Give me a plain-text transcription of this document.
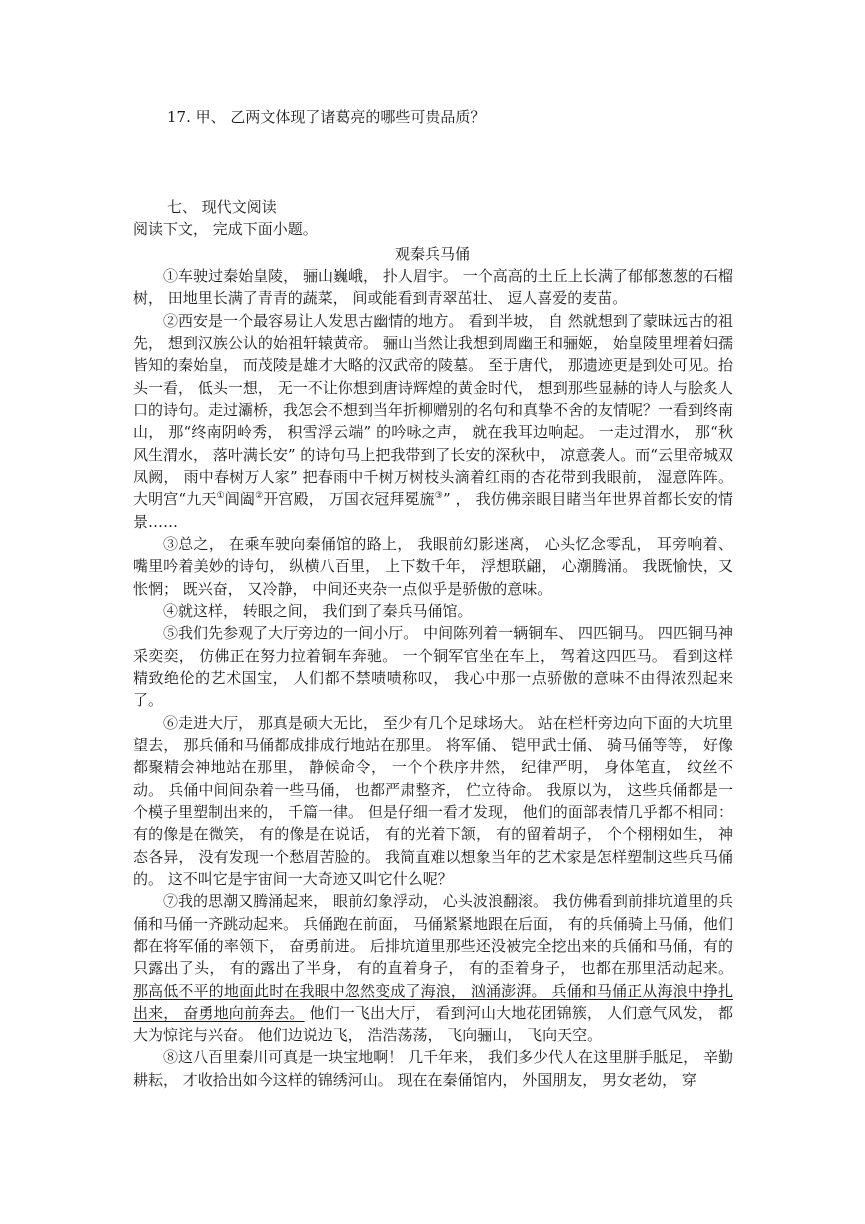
17. 甲、 乙两文体现了诸葛亮的哪些可贵品质？
七、 现代文阅读
阅读下文， 完成下面小题。
观秦兵马俑

①车驶过秦始皇陵， 骊山巍峨， 扑人眉宇。 一个高高的土丘上长满了郁郁葱葱的石榴树， 田地里长满了青青的蔬菜， 间或能看到青翠茁壮、 逗人喜爱的麦苗。

②西安是一个最容易让人发思古幽情的地方。 看到半坡， 自 然就想到了蒙昧远古的祖先， 想到汉族公认的始祖轩辕黄帝。 骊山当然让我想到周幽王和骊姬， 始皇陵里埋着妇孺皆知的秦始皇， 而茂陵是雄才大略的汉武帝的陵墓。 至于唐代， 那遗迹更是到处可见。抬头一看， 低头一想， 无一不让你想到唐诗辉煌的黄金时代， 想到那些显赫的诗人与脍炙人口的诗句。走过灞桥，我怎会不想到当年折柳赠别的名句和真挚不舍的友情呢？一看到终南山， 那“终南阴岭秀， 积雪浮云端” 的吟咏之声， 就在我耳边响起。 一走过渭水， 那“秋风生渭水， 落叶满长安” 的诗句马上把我带到了长安的深秋中， 凉意袭人。而“云里帝城双凤阙， 雨中春树万人家” 把春雨中千树万树枝头滴着红雨的杏花带到我眼前， 湿意阵阵。 大明宫“九天①阊阖②开宫殿， 万国衣冠拜冕旒③” ， 我仿佛亲眼目睹当年世界首都长安的情景……

③总之， 在乘车驶向秦俑馆的路上， 我眼前幻影迷离， 心头忆念零乱， 耳旁响着、嘴里吟着美妙的诗句， 纵横八百里， 上下数千年， 浮想联翩， 心潮腾涌。 我既愉快，又怅惘； 既兴奋， 又冷静， 中间还夹杂一点似乎是骄傲的意味。

④就这样， 转眼之间， 我们到了秦兵马俑馆。

⑤我们先参观了大厅旁边的一间小厅。 中间陈列着一辆铜车、 四匹铜马。 四匹铜马神采奕奕， 仿佛正在努力拉着铜车奔驰。 一个铜军官坐在车上， 驾着这四匹马。 看到这样精致绝伦的艺术国宝， 人们都不禁啧啧称叹， 我心中那一点骄傲的意味不由得浓烈起来了。

⑥走进大厅， 那真是硕大无比， 至少有几个足球场大。 站在栏杆旁边向下面的大坑里望去， 那兵俑和马俑都成排成行地站在那里。 将军俑、 铠甲武士俑、 骑马俑等等， 好像都聚精会神地站在那里， 静候命令， 一个个秩序井然， 纪律严明， 身体笔直， 纹丝不动。 兵俑中间间杂着一些马俑， 也都严肃整齐， 伫立待命。 我原以为， 这些兵俑都是一个模子里塑制出来的， 千篇一律。 但是仔细一看才发现， 他们的面部表情几乎都不相同：有的像是在微笑， 有的像是在说话， 有的光着下颔， 有的留着胡子， 个个栩栩如生， 神态各异， 没有发现一个愁眉苦脸的。 我简直难以想象当年的艺术家是怎样塑制这些兵马俑的。 这不叫它是宇宙间一大奇迹又叫它什么呢？

⑦我的思潮又腾涌起来， 眼前幻象浮动， 心头波浪翻滚。 我仿佛看到前排坑道里的兵俑和马俑一齐跳动起来。 兵俑跑在前面， 马俑紧紧地跟在后面， 有的兵俑骑上马俑，他们都在将军俑的率领下， 奋勇前进。 后排坑道里那些还没被完全挖出来的兵俑和马俑，有的只露出了头， 有的露出了半身， 有的直着身子， 有的歪着身子， 也都在那里活动起来。 那高低不平的地面此时在我眼中忽然变成了海浪， 汹涌澎湃。 兵俑和马俑正从海浪中挣扎出来， 奋勇地向前奔去。 他们一飞出大厅， 看到河山大地花团锦簇， 人们意气风发， 都大为惊诧与兴奋。 他们边说边飞， 浩浩荡荡， 飞向骊山， 飞向天空。

⑧这八百里秦川可真是一块宝地啊！ 几千年来， 我们多少代人在这里胼手胝足， 辛勤耕耘， 才收拾出如今这样的锦绣河山。 现在在秦俑馆内， 外国朋友， 男女老幼， 穿
